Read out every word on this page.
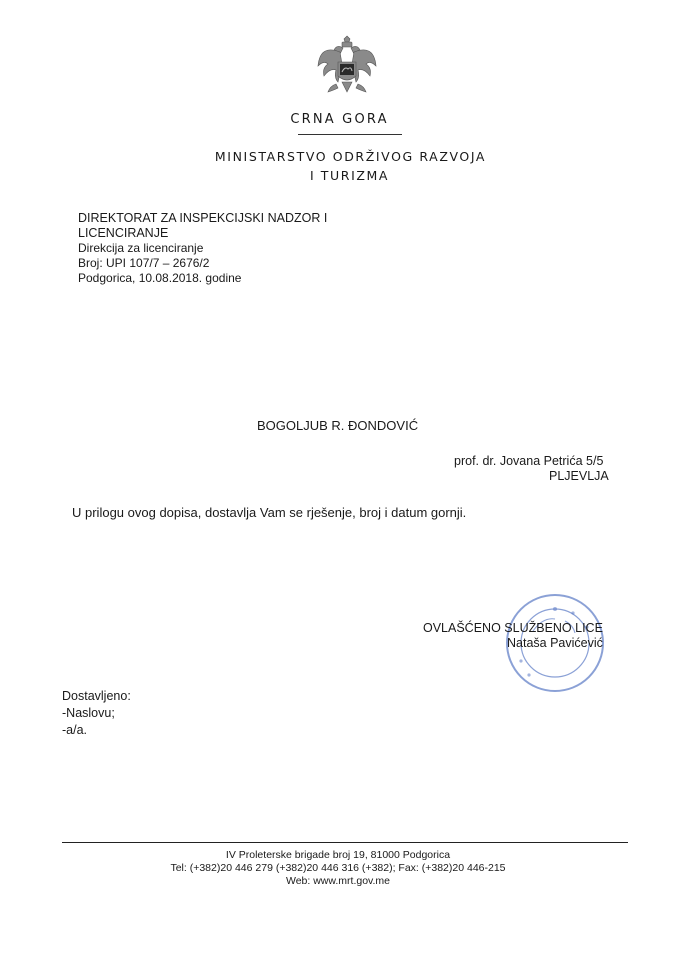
CRNA GORA
MINISTARSTVO ODRŽIVOG RAZVOJA
I TURIZMA
DIREKTORAT ZA INSPEKCIJSKI NADZOR I
LICENCIRANJE
Direkcija za licenciranje
Broj: UPI 107/7 – 2676/2
Podgorica, 10.08.2018. godine
BOGOLJUB R. ĐONDOVIĆ
prof. dr. Jovana Petrića 5/5
PLJEVLJA
U prilogu ovog dopisa, dostavlja Vam se rješenje, broj i datum gornji.
OVLAŠĆENO SLUŽBENO LICE
Nataša Pavićević
Dostavljeno:
-Naslovu;
-a/a.
IV Proleterske brigade broj 19, 81000 Podgorica
Tel: (+382)20 446 279 (+382)20 446 316 (+382); Fax: (+382)20 446-215
Web: www.mrt.gov.me
